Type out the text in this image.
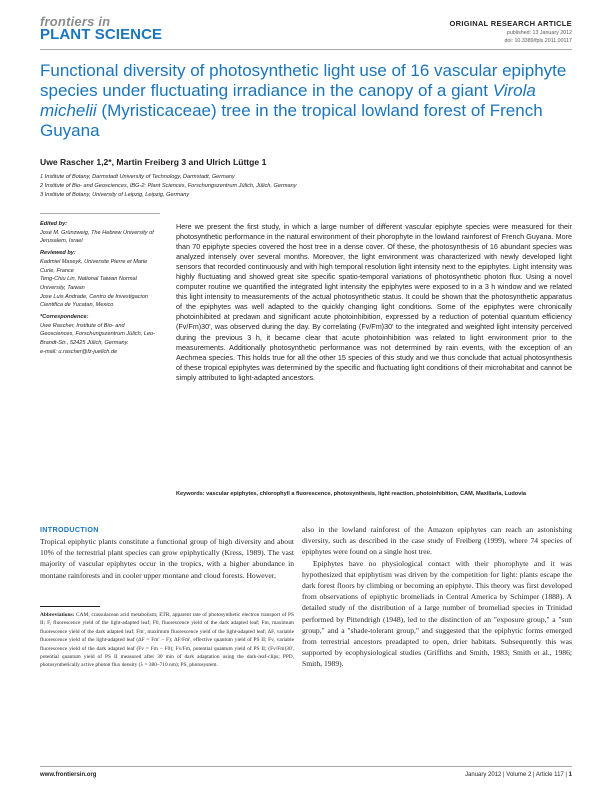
frontiers in
PLANT SCIENCE
ORIGINAL RESEARCH ARTICLE
published: 13 January 2012
doi: 10.3389/fpls.2011.00117
Functional diversity of photosynthetic light use of 16 vascular epiphyte species under fluctuating irradiance in the canopy of a giant Virola michelii (Myristicaceae) tree in the tropical lowland forest of French Guyana
Uwe Rascher 1,2*, Martin Freiberg 3 and Ulrich Lüttge 1
1 Institute of Botany, Darmstadt University of Technology, Darmstadt, Germany
2 Institute of Bio- and Geosciences, IBG-2: Plant Sciences, Forschungszentrum Jülich, Jülich, Germany
3 Institute of Botany, University of Leipzig, Leipzig, Germany
Edited by:
José M. Grünzweig, The Hebrew University of Jerusalem, Israel
Reviewed by:
Kadmiel Maseyk, Universite Pierre et Marie Curie, France
Teng-Chiu Lin, National Taiwan Normal University, Taiwan
Jose Luis Andrade, Centro de Investigacion Cientifica de Yucatan, Mexico
*Correspondence:
Uwe Rascher, Institute of Bio- and Geosciences, Forschungszentrum Jülich, Leo-Brandt-Str., 52425 Jülich, Germany.
e-mail: u.rascher@fz-juelich.de

Here we present the first study, in which a large number of different vascular epiphyte species were measured for their photosynthetic performance in the natural environment of their phorophyte in the lowland rainforest of French Guyana. More than 70 epiphyte species covered the host tree in a dense cover. Of these, the photosynthesis of 16 abundant species was analyzed intensely over several months. Moreover, the light environment was characterized with newly developed light sensors that recorded continuously and with high temporal resolution light intensity next to the epiphytes. Light intensity was highly fluctuating and showed great site specific spatio-temporal variations of photosynthetic photon flux. Using a novel computer routine we quantified the integrated light intensity the epiphytes were exposed to in a 3 h window and we related this light intensity to measurements of the actual photosynthetic status. It could be shown that the photosynthetic apparatus of the epiphytes was well adapted to the quickly changing light conditions. Some of the epiphytes were chronically photoinhibited at predawn and significant acute photoinhibition, expressed by a reduction of potential quantum efficiency (Fv/Fm)30', was observed during the day. By correlating (Fv/Fm)30' to the integrated and weighted light intensity perceived during the previous 3 h, it became clear that acute photoinhibition was related to light environment prior to the measurements. Additionally photosynthetic performance was not determined by rain events, with the exception of an Aechmea species. This holds true for all the other 15 species of this study and we thus conclude that actual photosynthesis of these tropical epiphytes was determined by the specific and fluctuating light conditions of their microhabitat and cannot be simply attributed to light-adapted ancestors.

Keywords: vascular epiphytes, chlorophyll a fluorescence, photosynthesis, light reaction, photoinhibition, CAM, Maxillaria, Ludovia
INTRODUCTION

Tropical epiphytic plants constitute a functional group of high diversity and about 10% of the terrestrial plant species can grow epiphytically (Kress, 1989). The vast majority of vascular epiphytes occur in the tropics, with a higher abundance in montane rainforests and in cooler upper montane and cloud forests. However,

Abbreviations: CAM, crassulacean acid metabolism; ETR, apparent rate of photosynthetic electron transport of PS II; F, fluorescence yield of the light-adapted leaf; F0, fluorescence yield of the dark adapted leaf; Fm, maximum fluorescence yield of the dark adapted leaf; Fm', maximum fluorescence yield of the light-adapted leaf; ΔF, variable fluorescence yield of the light-adapted leaf (ΔF = Fm' − F); ΔF/Fm', effective quantum yield of PS II; Fv, variable fluorescence yield of the dark adapted leaf (Fv = Fm − F0); Fv/Fm, potential quantum yield of PS II; (Fv/Fm)30', potential quantum yield of PS II measured after 30 min of dark adaptation using the dark-leaf-clips; PPD, photosynthetically active photon flux density (λ = 380–710 nm); PS, photosystem.

also in the lowland rainforest of the Amazon epiphytes can reach an astonishing diversity, such as described in the case study of Freiberg (1999), where 74 species of epiphytes were found on a single host tree.

Epiphytes have no physiological contact with their phorophyte and it was hypothesized that epiphytism was driven by the competition for light: plants escape the dark forest floors by climbing or becoming an epiphyte. This theory was first developed from observations of epiphytic bromeliads in Central America by Schimper (1888). A detailed study of the distribution of a large number of bromeliad species in Trinidad performed by Pittendrigh (1948), led to the distinction of an "exposure group," a "sun group," and a "shade-tolerant group," and suggested that the epiphytic forms emerged from terrestrial ancestors preadapted to open, drier habitats. Subsequently this was supported by ecophysiological studies (Griffiths and Smith, 1983; Smith et al., 1986; Smith, 1989).

www.frontiersin.org	January 2012 | Volume 2 | Article 117 | 1
